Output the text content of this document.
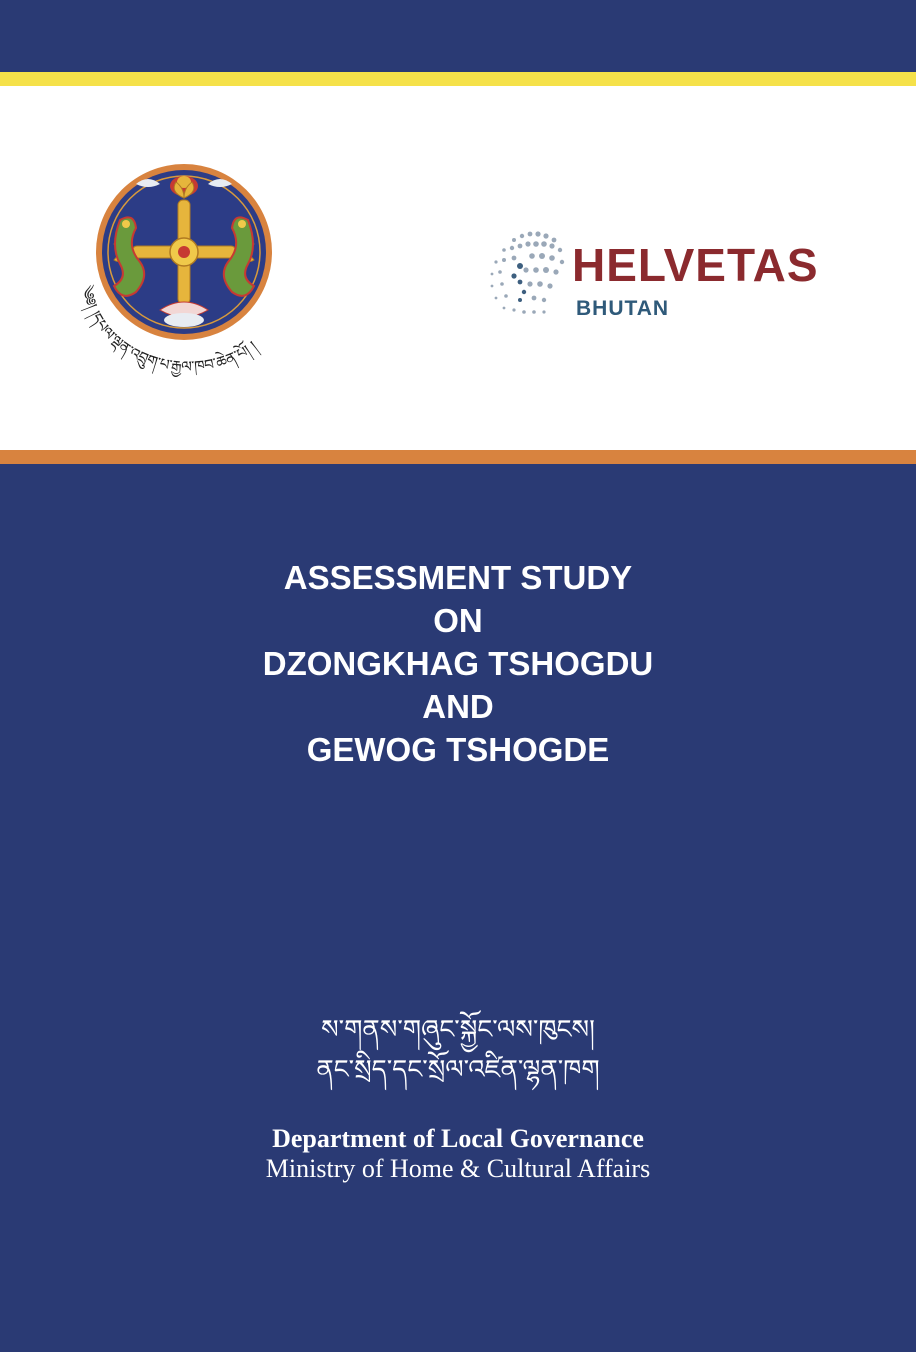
༄༅། །དཔལ་ལྡན་འབྲུག་པ་རྒྱལ་ཁབ་ཆེན་པོ། །
HELVETAS
BHUTAN
ASSESSMENT STUDY
ON
DZONGKHAG TSHOGDU
AND
GEWOG TSHOGDE
ས་གནས་གཞུང་སྐྱོང་ལས་ཁུངས།
ནང་སྲིད་དང་སྲོལ་འཛིན་ལྷན་ཁག
Department of Local Governance
Ministry of Home & Cultural Affairs
